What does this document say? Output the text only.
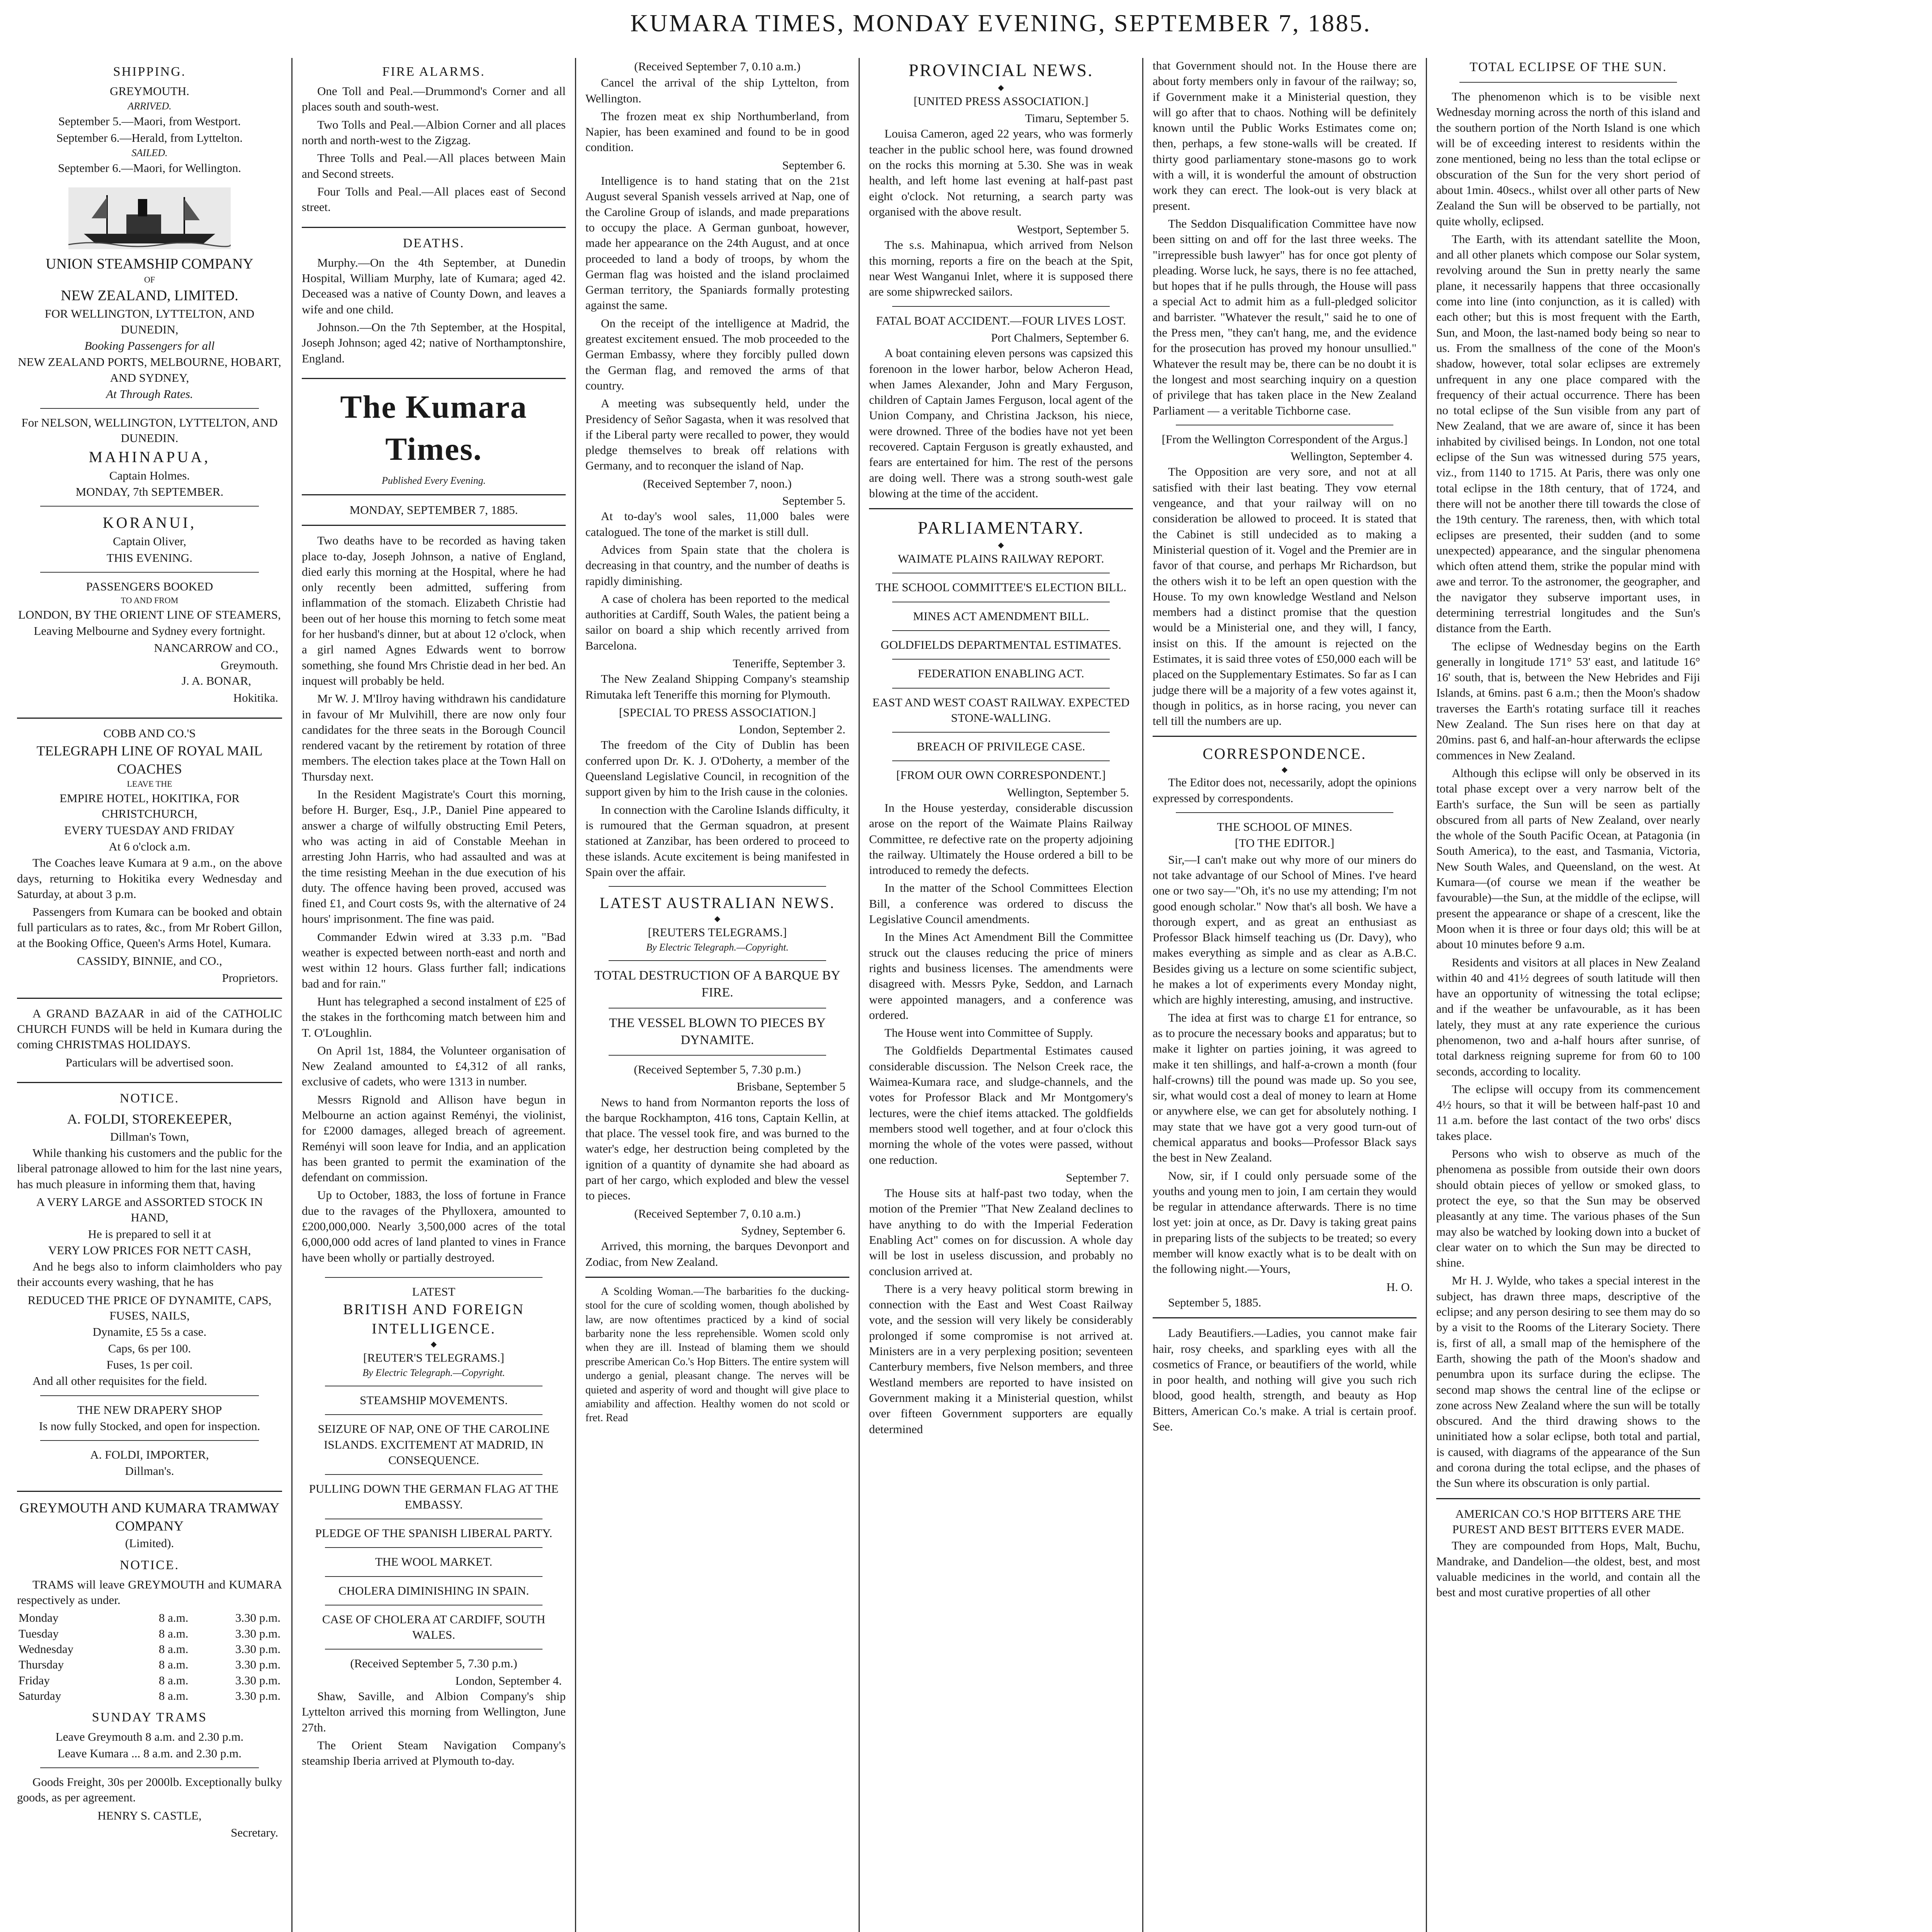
KUMARA TIMES, MONDAY EVENING, SEPTEMBER 7, 1885.
SHIPPING.
GREYMOUTH.
ARRIVED.
September 5.—Maori, from Westport.
September 6.—Herald, from Lyttelton.
SAILED.
September 6.—Maori, for Wellington.
UNION STEAMSHIP COMPANY
OF
NEW ZEALAND, LIMITED.
FOR WELLINGTON, LYTTELTON, AND DUNEDIN,
Booking Passengers for all
NEW ZEALAND PORTS, MELBOURNE, HOBART, AND SYDNEY,
At Through Rates.
For NELSON, WELLINGTON, LYTTELTON, AND DUNEDIN.
MAHINAPUA,
Captain Holmes.
MONDAY, 7th SEPTEMBER.
KORANUI,
Captain Oliver,
THIS EVENING.
PASSENGERS BOOKED
TO AND FROM
LONDON, BY THE ORIENT LINE OF STEAMERS,
Leaving Melbourne and Sydney every fortnight.
NANCARROW and CO.,
Greymouth.
J. A. BONAR,
Hokitika.
COBB AND CO.'S
TELEGRAPH LINE OF ROYAL MAIL COACHES
LEAVE THE
EMPIRE HOTEL, HOKITIKA, FOR CHRISTCHURCH,
EVERY TUESDAY AND FRIDAY
At 6 o'clock a.m.
The Coaches leave Kumara at 9 a.m., on the above days, returning to Hokitika every Wednesday and Saturday, at about 3 p.m.
Passengers from Kumara can be booked and obtain full particulars as to rates, &c., from Mr Robert Gillon, at the Booking Office, Queen's Arms Hotel, Kumara.
CASSIDY, BINNIE, and CO.,
Proprietors.
A GRAND BAZAAR in aid of the CATHOLIC CHURCH FUNDS will be held in Kumara during the coming CHRISTMAS HOLIDAYS.
Particulars will be advertised soon.
NOTICE.
A. FOLDI, STOREKEEPER,
Dillman's Town,
While thanking his customers and the public for the liberal patronage allowed to him for the last nine years, has much pleasure in informing them that, having
A VERY LARGE and ASSORTED STOCK IN HAND,
He is prepared to sell it at
VERY LOW PRICES FOR NETT CASH,
And he begs also to inform claimholders who pay their accounts every washing, that he has
REDUCED THE PRICE OF DYNAMITE, CAPS, FUSES, NAILS,
Dynamite, £5 5s a case.
Caps, 6s per 100.
Fuses, 1s per coil.
And all other requisites for the field.
THE NEW DRAPERY SHOP
Is now fully Stocked, and open for inspection.
A. FOLDI, IMPORTER,
Dillman's.
GREYMOUTH AND KUMARA TRAMWAY COMPANY
(Limited).
NOTICE.
TRAMS will leave GREYMOUTH and KUMARA respectively as under.
Monday	8 a.m.	3.30 p.m.
Tuesday	8 a.m.	3.30 p.m.
Wednesday	8 a.m.	3.30 p.m.
Thursday	8 a.m.	3.30 p.m.
Friday	8 a.m.	3.30 p.m.
Saturday	8 a.m.	3.30 p.m.
SUNDAY TRAMS
Leave Greymouth 8 a.m. and 2.30 p.m.
Leave Kumara ... 8 a.m. and 2.30 p.m.
Goods Freight, 30s per 2000lb. Exceptionally bulky goods, as per agreement.
HENRY S. CASTLE,
Secretary.
FIRE ALARMS.
One Toll and Peal.—Drummond's Corner and all places south and south-west.
Two Tolls and Peal.—Albion Corner and all places north and north-west to the Zigzag.
Three Tolls and Peal.—All places between Main and Second streets.
Four Tolls and Peal.—All places east of Second street.
DEATHS.
Murphy.—On the 4th September, at Dunedin Hospital, William Murphy, late of Kumara; aged 42. Deceased was a native of County Down, and leaves a wife and one child.
Johnson.—On the 7th September, at the Hospital, Joseph Johnson; aged 42; native of Northamptonshire, England.
The Kumara Times.
Published Every Evening.
MONDAY, SEPTEMBER 7, 1885.
Two deaths have to be recorded as having taken place to-day, Joseph Johnson, a native of England, died early this morning at the Hospital, where he had only recently been admitted, suffering from inflammation of the stomach. Elizabeth Christie had been out of her house this morning to fetch some meat for her husband's dinner, but at about 12 o'clock, when a girl named Agnes Edwards went to borrow something, she found Mrs Christie dead in her bed. An inquest will probably be held.
Mr W. J. M'Ilroy having withdrawn his candidature in favour of Mr Mulvihill, there are now only four candidates for the three seats in the Borough Council rendered vacant by the retirement by rotation of three members. The election takes place at the Town Hall on Thursday next.
In the Resident Magistrate's Court this morning, before H. Burger, Esq., J.P., Daniel Pine appeared to answer a charge of wilfully obstructing Emil Peters, who was acting in aid of Constable Meehan in arresting John Harris, who had assaulted and was at the time resisting Meehan in the due execution of his duty. The offence having been proved, accused was fined £1, and Court costs 9s, with the alternative of 24 hours' imprisonment. The fine was paid.
Commander Edwin wired at 3.33 p.m. "Bad weather is expected between north-east and north and west within 12 hours. Glass further fall; indications bad and for rain."
Hunt has telegraphed a second instalment of £25 of the stakes in the forthcoming match between him and T. O'Loughlin.
On April 1st, 1884, the Volunteer organisation of New Zealand amounted to £4,312 of all ranks, exclusive of cadets, who were 1313 in number.
Messrs Rignold and Allison have begun in Melbourne an action against Reményi, the violinist, for £2000 damages, alleged breach of agreement. Reményi will soon leave for India, and an application has been granted to permit the examination of the defendant on commission.
Up to October, 1883, the loss of fortune in France due to the ravages of the Phylloxera, amounted to £200,000,000. Nearly 3,500,000 acres of the total 6,000,000 odd acres of land planted to vines in France have been wholly or partially destroyed.
LATEST
BRITISH AND FOREIGN INTELLIGENCE.
◆
[REUTER'S TELEGRAMS.]
By Electric Telegraph.—Copyright.
STEAMSHIP MOVEMENTS.
SEIZURE OF NAP, ONE OF THE CAROLINE ISLANDS. EXCITEMENT AT MADRID, IN CONSEQUENCE.
PULLING DOWN THE GERMAN FLAG AT THE EMBASSY.
PLEDGE OF THE SPANISH LIBERAL PARTY.
THE WOOL MARKET.
CHOLERA DIMINISHING IN SPAIN.
CASE OF CHOLERA AT CARDIFF, SOUTH WALES.
(Received September 5, 7.30 p.m.)
London, September 4.
Shaw, Saville, and Albion Company's ship Lyttelton arrived this morning from Wellington, June 27th.
The Orient Steam Navigation Company's steamship Iberia arrived at Plymouth to-day.
(Received September 7, 0.10 a.m.)
Cancel the arrival of the ship Lyttelton, from Wellington.
The frozen meat ex ship Northumberland, from Napier, has been examined and found to be in good condition.
September 6.
Intelligence is to hand stating that on the 21st August several Spanish vessels arrived at Nap, one of the Caroline Group of islands, and made preparations to occupy the place. A German gunboat, however, made her appearance on the 24th August, and at once proceeded to land a body of troops, by whom the German flag was hoisted and the island proclaimed German territory, the Spaniards formally protesting against the same.
On the receipt of the intelligence at Madrid, the greatest excitement ensued. The mob proceeded to the German Embassy, where they forcibly pulled down the German flag, and removed the arms of that country.
A meeting was subsequently held, under the Presidency of Señor Sagasta, when it was resolved that if the Liberal party were recalled to power, they would pledge themselves to break off relations with Germany, and to reconquer the island of Nap.
(Received September 7, noon.)
September 5.
At to-day's wool sales, 11,000 bales were catalogued. The tone of the market is still dull.
Advices from Spain state that the cholera is decreasing in that country, and the number of deaths is rapidly diminishing.
A case of cholera has been reported to the medical authorities at Cardiff, South Wales, the patient being a sailor on board a ship which recently arrived from Barcelona.
Teneriffe, September 3.
The New Zealand Shipping Company's steamship Rimutaka left Teneriffe this morning for Plymouth.
[SPECIAL TO PRESS ASSOCIATION.]
London, September 2.
The freedom of the City of Dublin has been conferred upon Dr. K. J. O'Doherty, a member of the Queensland Legislative Council, in recognition of the support given by him to the Irish cause in the colonies.
In connection with the Caroline Islands difficulty, it is rumoured that the German squadron, at present stationed at Zanzibar, has been ordered to proceed to these islands. Acute excitement is being manifested in Spain over the affair.
LATEST AUSTRALIAN NEWS.
◆
[REUTERS TELEGRAMS.]
By Electric Telegraph.—Copyright.
TOTAL DESTRUCTION OF A BARQUE BY FIRE.
THE VESSEL BLOWN TO PIECES BY DYNAMITE.
(Received September 5, 7.30 p.m.)
Brisbane, September 5
News to hand from Normanton reports the loss of the barque Rockhampton, 416 tons, Captain Kellin, at that place. The vessel took fire, and was burned to the water's edge, her destruction being completed by the ignition of a quantity of dynamite she had aboard as part of her cargo, which exploded and blew the vessel to pieces.
(Received September 7, 0.10 a.m.)
Sydney, September 6.
Arrived, this morning, the barques Devonport and Zodiac, from New Zealand.
A Scolding Woman.—The barbarities fo the ducking-stool for the cure of scolding women, though abolished by law, are now oftentimes practiced by a kind of social barbarity none the less reprehensible. Women scold only when they are ill. Instead of blaming them we should prescribe American Co.'s Hop Bitters. The entire system will undergo a genial, pleasant change. The nerves will be quieted and asperity of word and thought will give place to amiability and affection. Healthy women do not scold or fret. Read
PROVINCIAL NEWS.
◆
[UNITED PRESS ASSOCIATION.]
Timaru, September 5.
Louisa Cameron, aged 22 years, who was formerly teacher in the public school here, was found drowned on the rocks this morning at 5.30. She was in weak health, and left home last evening at half-past past eight o'clock. Not returning, a search party was organised with the above result.
Westport, September 5.
The s.s. Mahinapua, which arrived from Nelson this morning, reports a fire on the beach at the Spit, near West Wanganui Inlet, where it is supposed there are some shipwrecked sailors.
FATAL BOAT ACCIDENT.—FOUR LIVES LOST.
Port Chalmers, September 6.
A boat containing eleven persons was capsized this forenoon in the lower harbor, below Acheron Head, when James Alexander, John and Mary Ferguson, children of Captain James Ferguson, local agent of the Union Company, and Christina Jackson, his niece, were drowned. Three of the bodies have not yet been recovered. Captain Ferguson is greatly exhausted, and fears are entertained for him. The rest of the persons are doing well. There was a strong south-west gale blowing at the time of the accident.
PARLIAMENTARY.
◆
WAIMATE PLAINS RAILWAY REPORT.
THE SCHOOL COMMITTEE'S ELECTION BILL.
MINES ACT AMENDMENT BILL.
GOLDFIELDS DEPARTMENTAL ESTIMATES.
FEDERATION ENABLING ACT.
EAST AND WEST COAST RAILWAY. EXPECTED STONE-WALLING.
BREACH OF PRIVILEGE CASE.
[FROM OUR OWN CORRESPONDENT.]
Wellington, September 5.
In the House yesterday, considerable discussion arose on the report of the Waimate Plains Railway Committee, re defective rate on the property adjoining the railway. Ultimately the House ordered a bill to be introduced to remedy the defects.
In the matter of the School Committees Election Bill, a conference was ordered to discuss the Legislative Council amendments.
In the Mines Act Amendment Bill the Committee struck out the clauses reducing the price of miners rights and business licenses. The amendments were disagreed with. Messrs Pyke, Seddon, and Larnach were appointed managers, and a conference was ordered.
The House went into Committee of Supply.
The Goldfields Departmental Estimates caused considerable discussion. The Nelson Creek race, the Waimea-Kumara race, and sludge-channels, and the votes for Professor Black and Mr Montgomery's lectures, were the chief items attacked. The goldfields members stood well together, and at four o'clock this morning the whole of the votes were passed, without one reduction.
September 7.
The House sits at half-past two today, when the motion of the Premier "That New Zealand declines to have anything to do with the Imperial Federation Enabling Act" comes on for discussion. A whole day will be lost in useless discussion, and probably no conclusion arrived at.
There is a very heavy political storm brewing in connection with the East and West Coast Railway vote, and the session will very likely be considerably prolonged if some compromise is not arrived at. Ministers are in a very perplexing position; seventeen Canterbury members, five Nelson members, and three Westland members are reported to have insisted on Government making it a Ministerial question, whilst over fifteen Government supporters are equally determined
that Government should not. In the House there are about forty members only in favour of the railway; so, if Government make it a Ministerial question, they will go after that to chaos. Nothing will be definitely known until the Public Works Estimates come on; then, perhaps, a few stone-walls will be created. If thirty good parliamentary stone-masons go to work with a will, it is wonderful the amount of obstruction work they can erect. The look-out is very black at present.
The Seddon Disqualification Committee have now been sitting on and off for the last three weeks. The "irrepressible bush lawyer" has for once got plenty of pleading. Worse luck, he says, there is no fee attached, but hopes that if he pulls through, the House will pass a special Act to admit him as a full-pledged solicitor and barrister. "Whatever the result," said he to one of the Press men, "they can't hang, me, and the evidence for the prosecution has proved my honour unsullied." Whatever the result may be, there can be no doubt it is the longest and most searching inquiry on a question of privilege that has taken place in the New Zealand Parliament — a veritable Tichborne case.
[From the Wellington Correspondent of the Argus.]
Wellington, September 4.
The Opposition are very sore, and not at all satisfied with their last beating. They vow eternal vengeance, and that your railway will on no consideration be allowed to proceed. It is stated that the Cabinet is still undecided as to making a Ministerial question of it. Vogel and the Premier are in favor of that course, and perhaps Mr Richardson, but the others wish it to be left an open question with the House. To my own knowledge Westland and Nelson members had a distinct promise that the question would be a Ministerial one, and they will, I fancy, insist on this. If the amount is rejected on the Estimates, it is said three votes of £50,000 each will be placed on the Supplementary Estimates. So far as I can judge there will be a majority of a few votes against it, though in politics, as in horse racing, you never can tell till the numbers are up.
CORRESPONDENCE.
◆
The Editor does not, necessarily, adopt the opinions expressed by correspondents.
THE SCHOOL OF MINES.
[TO THE EDITOR.]
Sir,—I can't make out why more of our miners do not take advantage of our School of Mines. I've heard one or two say—"Oh, it's no use my attending; I'm not good enough scholar." Now that's all bosh. We have a thorough expert, and as great an enthusiast as Professor Black himself teaching us (Dr. Davy), who makes everything as simple and as clear as A.B.C. Besides giving us a lecture on some scientific subject, he makes a lot of experiments every Monday night, which are highly interesting, amusing, and instructive.
The idea at first was to charge £1 for entrance, so as to procure the necessary books and apparatus; but to make it lighter on parties joining, it was agreed to make it ten shillings, and half-a-crown a month (four half-crowns) till the pound was made up. So you see, sir, what would cost a deal of money to learn at Home or anywhere else, we can get for absolutely nothing. I may state that we have got a very good turn-out of chemical apparatus and books—Professor Black says the best in New Zealand.
Now, sir, if I could only persuade some of the youths and young men to join, I am certain they would be regular in attendance afterwards. There is no time lost yet: join at once, as Dr. Davy is taking great pains in preparing lists of the subjects to be treated; so every member will know exactly what is to be dealt with on the following night.—Yours,
H. O.
September 5, 1885.
Lady Beautifiers.—Ladies, you cannot make fair hair, rosy cheeks, and sparkling eyes with all the cosmetics of France, or beautifiers of the world, while in poor health, and nothing will give you such rich blood, good health, strength, and beauty as Hop Bitters, American Co.'s make. A trial is certain proof. See.
TOTAL ECLIPSE OF THE SUN.
The phenomenon which is to be visible next Wednesday morning across the north of this island and the southern portion of the North Island is one which will be of exceeding interest to residents within the zone mentioned, being no less than the total eclipse or obscuration of the Sun for the very short period of about 1min. 40secs., whilst over all other parts of New Zealand the Sun will be observed to be partially, not quite wholly, eclipsed.
The Earth, with its attendant satellite the Moon, and all other planets which compose our Solar system, revolving around the Sun in pretty nearly the same plane, it necessarily happens that three occasionally come into line (into conjunction, as it is called) with each other; but this is most frequent with the Earth, Sun, and Moon, the last-named body being so near to us. From the smallness of the cone of the Moon's shadow, however, total solar eclipses are extremely unfrequent in any one place compared with the frequency of their actual occurrence. There has been no total eclipse of the Sun visible from any part of New Zealand, that we are aware of, since it has been inhabited by civilised beings. In London, not one total eclipse of the Sun was witnessed during 575 years, viz., from 1140 to 1715. At Paris, there was only one total eclipse in the 18th century, that of 1724, and there will not be another there till towards the close of the 19th century. The rareness, then, with which total eclipses are presented, their sudden (and to some unexpected) appearance, and the singular phenomena which often attend them, strike the popular mind with awe and terror. To the astronomer, the geographer, and the navigator they subserve important uses, in determining terrestrial longitudes and the Sun's distance from the Earth.
The eclipse of Wednesday begins on the Earth generally in longitude 171° 53' east, and latitude 16° 16' south, that is, between the New Hebrides and Fiji Islands, at 6mins. past 6 a.m.; then the Moon's shadow traverses the Earth's rotating surface till it reaches New Zealand. The Sun rises here on that day at 20mins. past 6, and half-an-hour afterwards the eclipse commences in New Zealand.
Although this eclipse will only be observed in its total phase except over a very narrow belt of the Earth's surface, the Sun will be seen as partially obscured from all parts of New Zealand, over nearly the whole of the South Pacific Ocean, at Patagonia (in South America), to the east, and Tasmania, Victoria, New South Wales, and Queensland, on the west. At Kumara—(of course we mean if the weather be favourable)—the Sun, at the middle of the eclipse, will present the appearance or shape of a crescent, like the Moon when it is three or four days old; this will be at about 10 minutes before 9 a.m.
Residents and visitors at all places in New Zealand within 40 and 41½ degrees of south latitude will then have an opportunity of witnessing the total eclipse; and if the weather be unfavourable, as it has been lately, they must at any rate experience the curious phenomenon, two and a-half hours after sunrise, of total darkness reigning supreme for from 60 to 100 seconds, according to locality.
The eclipse will occupy from its commencement 4½ hours, so that it will be between half-past 10 and 11 a.m. before the last contact of the two orbs' discs takes place.
Persons who wish to observe as much of the phenomena as possible from outside their own doors should obtain pieces of yellow or smoked glass, to protect the eye, so that the Sun may be observed pleasantly at any time. The various phases of the Sun may also be watched by looking down into a bucket of clear water on to which the Sun may be directed to shine.
Mr H. J. Wylde, who takes a special interest in the subject, has drawn three maps, descriptive of the eclipse; and any person desiring to see them may do so by a visit to the Rooms of the Literary Society. There is, first of all, a small map of the hemisphere of the Earth, showing the path of the Moon's shadow and penumbra upon its surface during the eclipse. The second map shows the central line of the eclipse or zone across New Zealand where the sun will be totally obscured. And the third drawing shows to the uninitiated how a solar eclipse, both total and partial, is caused, with diagrams of the appearance of the Sun and corona during the total eclipse, and the phases of the Sun where its obscuration is only partial.
AMERICAN CO.'S HOP BITTERS ARE THE PUREST AND BEST BITTERS EVER MADE.
They are compounded from Hops, Malt, Buchu, Mandrake, and Dandelion—the oldest, best, and most valuable medicines in the world, and contain all the best and most curative properties of all other
